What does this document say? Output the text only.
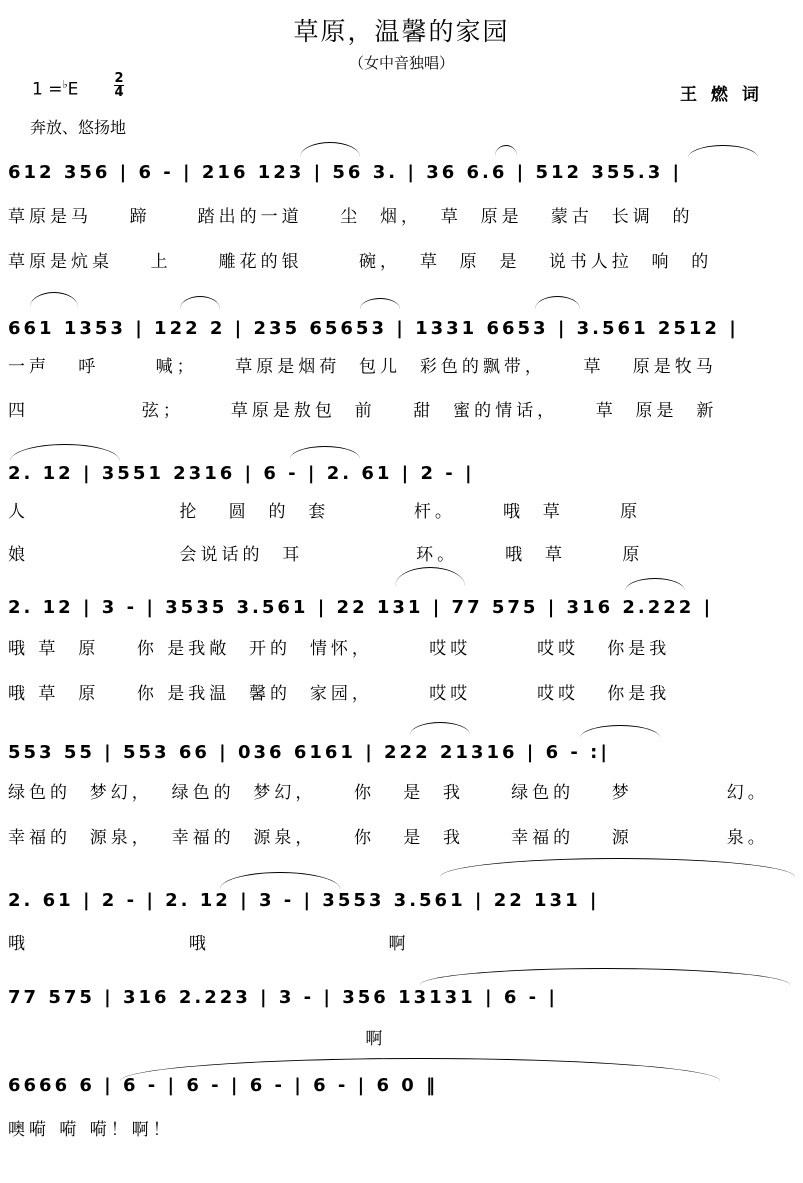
草原，温馨的家园
（女中音独唱）
1 =♭E
2
4	王 燃 词
奔放、悠扬地
612 356 | 6 - | 216 123 | 56 3. | 36 6.6 | 512 355.3 |
草原是马    蹄     踏出的一道    尘  烟，  草  原是   蒙古  长调  的
草原是炕桌    上     雕花的银      碗，  草  原  是   说书人拉  响  的
661 1353 | 122 2 | 235 65653 | 1331 6653 | 3.561 2512 |
一声   呼      喊；    草原是烟荷  包儿  彩色的飘带，    草   原是牧马
四            弦；     草原是敖包  前    甜  蜜的情话，    草  原是  新
2. 12 | 3551 2316 | 6 - | 2. 61 | 2 - |
人                抡   圆  的  套         杆。     哦  草      原
娘                会说话的  耳            环。     哦  草      原
2. 12 | 3 - | 3535 3.561 | 22 131 | 77 575 | 316 2.222 |
哦 草  原    你 是我敞  开的  情怀，      哎哎       哎哎   你是我
哦 草  原    你 是我温  馨的  家园，      哎哎       哎哎   你是我
553 55 | 553 66 | 036 6161 | 222 21316 | 6 - :|
绿色的  梦幻，  绿色的  梦幻，    你   是  我     绿色的    梦          幻。
幸福的  源泉，  幸福的  源泉，    你   是  我     幸福的    源          泉。
2. 61 | 2 - | 2. 12 | 3 - | 3553 3.561 | 22 131 |
哦                 哦                   啊
77 575 | 316 2.223 | 3 - | 356 13131 | 6 - |
啊
6666 6 | 6 - | 6 - | 6 - | 6 - | 6 0 ‖
噢嗬 嗬 嗬！啊！
